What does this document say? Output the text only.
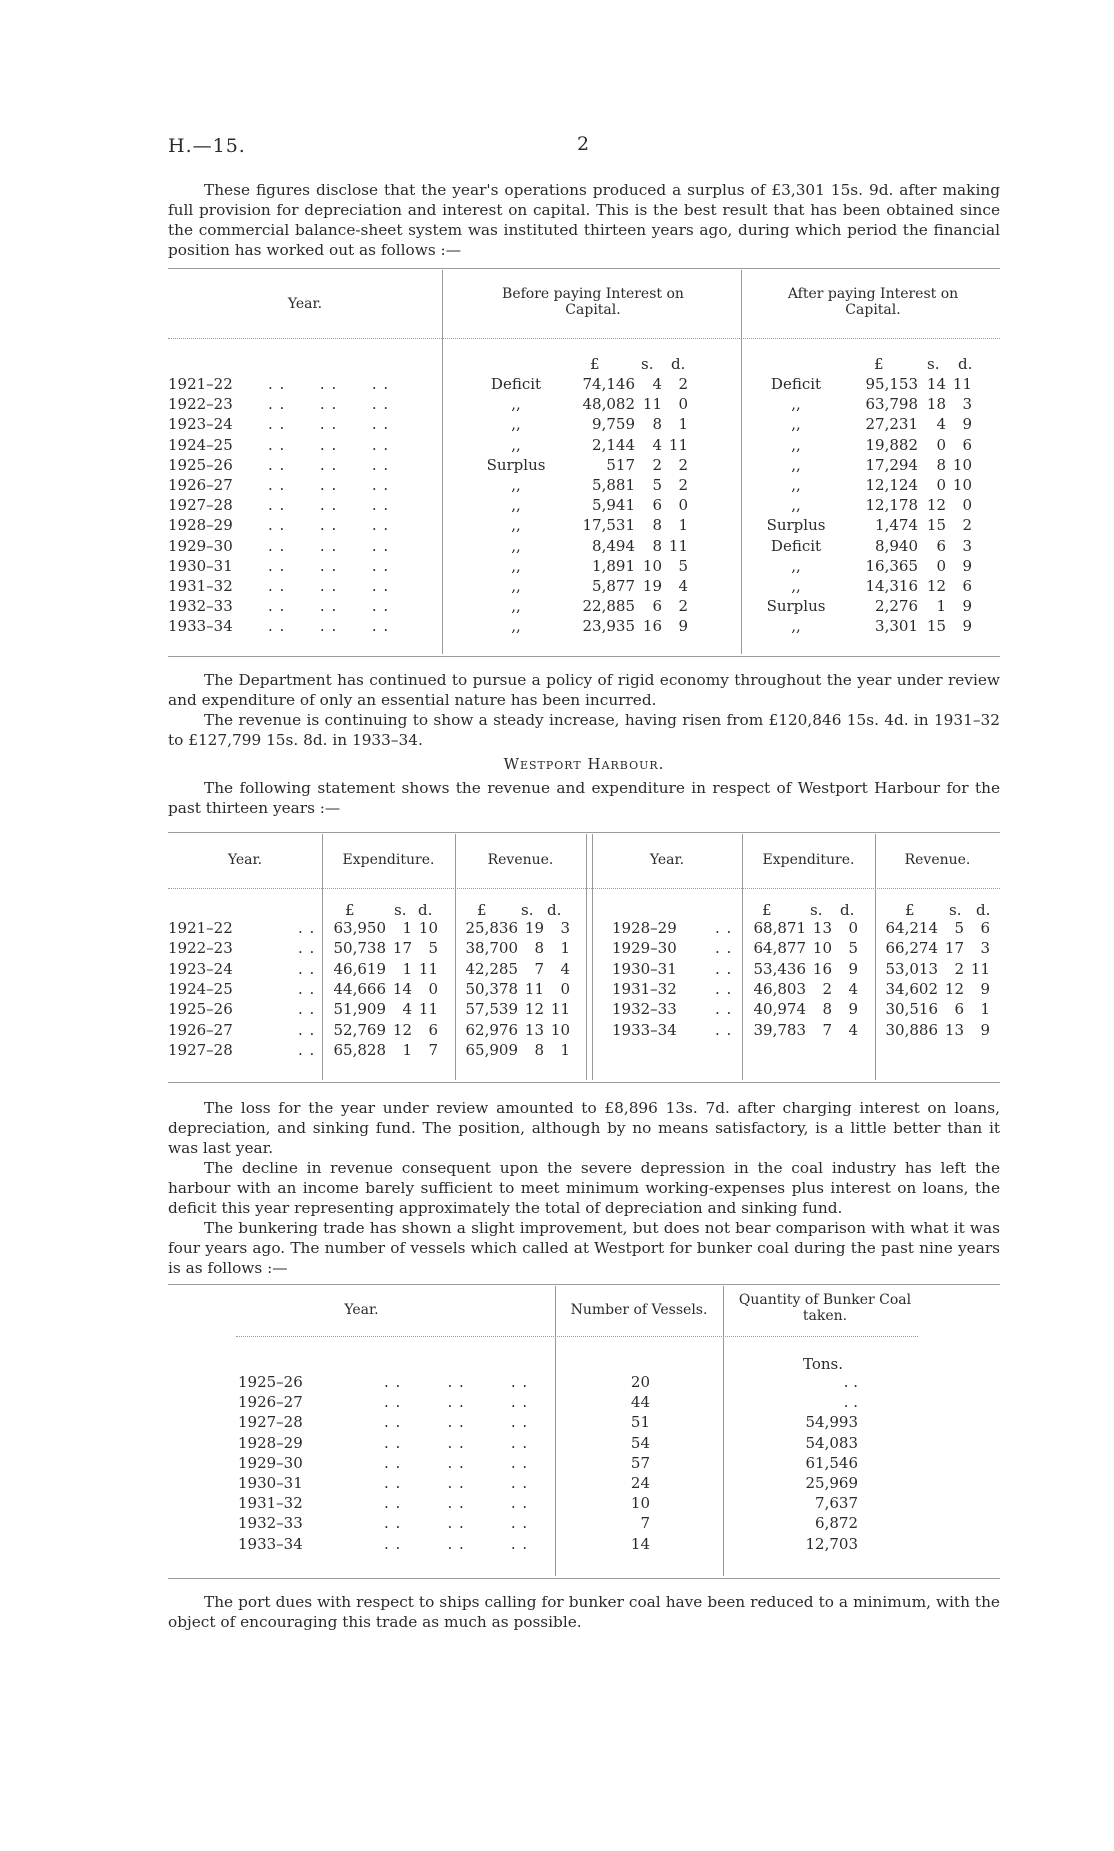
H.—15.	2

These figures disclose that the year's operations produced a surplus of £3,301 15s. 9d. after making full provision for depreciation and interest on capital. This is the best result that has been obtained since the commercial balance-sheet system was instituted thirteen years ago, during which period the financial position has worked out as follows :—

Year.
Before paying Interest on Capital.
After paying Interest on Capital.
£	s. d.	£	s. d.
1921–22 . .      . .      . .	Deficit	74,146	4	2	Deficit	95,153 14 11
1922–23 . .      . .      . .	,,	48,082 11	0	,,	63,798 18	3
1923–24 . .      . .      . .	,,	9,759	8	1	,,	27,231	4	9
1924–25 . .      . .      . .	,,	2,144	4 11	,,	19,882	0	6
1925–26 . .      . .      . .	Surplus	517	2	2	,,	17,294	8 10
1926–27 . .      . .      . .	,,	5,881	5	2	,,	12,124	0 10
1927–28 . .      . .      . .	,,	5,941	6	0	,,	12,178 12	0
1928–29 . .      . .      . .	,,	17,531	8	1	Surplus	1,474 15	2
1929–30 . .      . .      . .	,,	8,494	8 11	Deficit	8,940	6	3
1930–31 . .      . .      . .	,,	1,891 10	5	,,	16,365	0	9
1931–32 . .      . .      . .	,,	5,877 19	4	,,	14,316 12	6
1932–33 . .      . .      . .	,,	22,885	6	2	Surplus	2,276	1	9
1933–34 . .      . .      . .	,,	23,935 16	9	,,	3,301 15	9

The Department has continued to pursue a policy of rigid economy throughout the year under review and expenditure of only an essential nature has been incurred.

The revenue is continuing to show a steady increase, having risen from £120,846 15s. 4d. in 1931–32 to £127,799 15s. 8d. in 1933–34.

Westport Harbour.

The following statement shows the revenue and expenditure in respect of Westport Harbour for the past thirteen years :—

Year.	Expenditure.	Revenue.	Year.	Expenditure.	Revenue.
£	s. d.	£ s. d.	£	s. d.	£ s. d.
1921–22	. .	63,950	1 10	25,836 19	3
1922–23	. .	50,738 17	5	38,700	8	1
1923–24	. .	46,619	1 11	42,285	7	4
1924–25	. .	44,666 14	0	50,378 11	0
1925–26	. .	51,909	4 11	57,539 12 11
1926–27	. .	52,769 12	6	62,976 13 10
1927–28	. .	65,828	1	7	65,909	8	1
1928–29	. .	68,871 13	0	64,214	5	6
1929–30	. .	64,877 10	5	66,274 17	3
1930–31	. .	53,436 16	9	53,013	2 11
1931–32	. .	46,803	2	4	34,602 12	9
1932–33	. .	40,974	8	9	30,516	6	1
1933–34	. .	39,783	7	4	30,886 13	9

The loss for the year under review amounted to £8,896 13s. 7d. after charging interest on loans, depreciation, and sinking fund. The position, although by no means satisfactory, is a little better than it was last year.

The decline in revenue consequent upon the severe depression in the coal industry has left the harbour with an income barely sufficient to meet minimum working-expenses plus interest on loans, the deficit this year representing approximately the total of depreciation and sinking fund.

The bunkering trade has shown a slight improvement, but does not bear comparison with what it was four years ago. The number of vessels which called at Westport for bunker coal during the past nine years is as follows :—

Year.	Number of Vessels.
Quantity of Bunker Coal taken.
Tons.
1925–26	. .        . .        . .	20	. .
1926–27	. .        . .        . .	44	. .
1927–28	. .        . .        . .	51	54,993
1928–29	. .        . .        . .	54	54,083
1929–30	. .        . .        . .	57	61,546
1930–31	. .        . .        . .	24	25,969
1931–32	. .        . .        . .	10	7,637
1932–33	. .        . .        . .	7	6,872
1933–34	. .        . .        . .	14	12,703

The port dues with respect to ships calling for bunker coal have been reduced to a minimum, with the object of encouraging this trade as much as possible.
